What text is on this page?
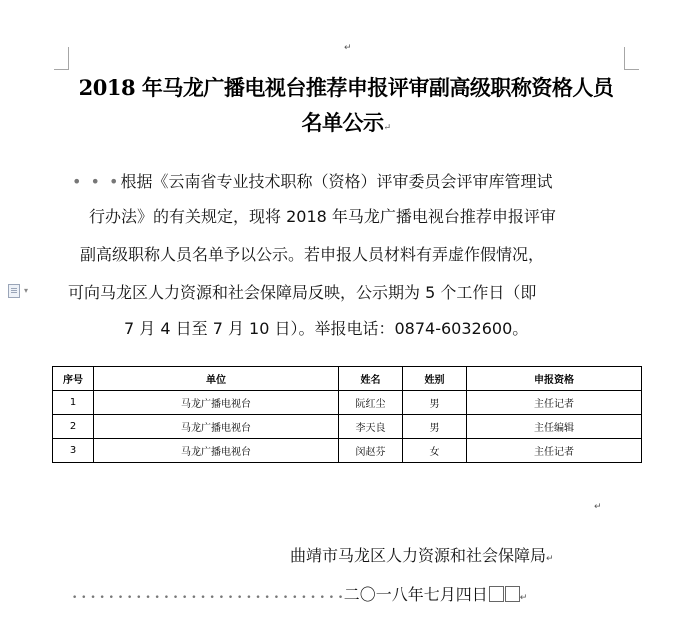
↵
2018 年马龙广播电视台推荐申报评审副高级职称资格人员
名单公示↵
▾
• • •根据《云南省专业技术职称（资格）评审委员会评审库管理试
行办法》的有关规定，现将 2018 年马龙广播电视台推荐申报评审
副高级职称人员名单予以公示。若申报人员材料有弄虚作假情况，
可向马龙区人力资源和社会保障局反映，公示期为 5 个工作日（即
7 月 4 日至 7 月 10 日）。举报电话：0874-6032600。
序号	单位	姓名	姓别	申报资格
1	马龙广播电视台	阮红尘	男	主任记者
2	马龙广播电视台	李天良	男	主任编辑
3	马龙广播电视台	闵赵芬	女	主任记者
↵
曲靖市马龙区人力资源和社会保障局↵
• • • • • • • • • • • • • • • • • • • • • • • • • • • • • •二〇一八年七月四日	↵
